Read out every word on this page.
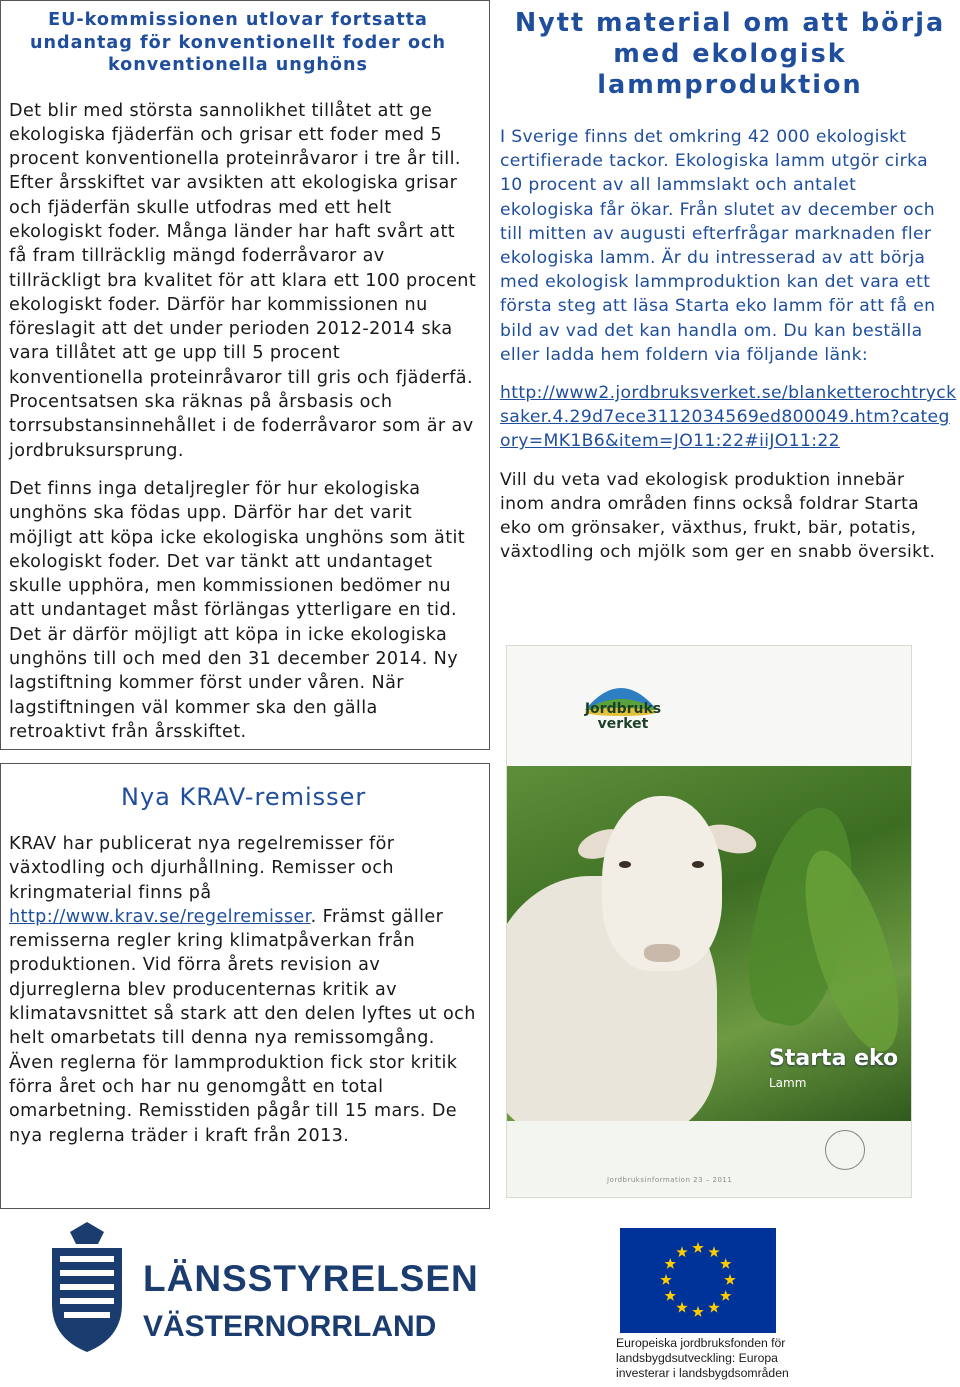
EU-kommissionen utlovar fortsatta undantag för konventionellt foder och konventionella unghöns

Det blir med största sannolikhet tillåtet att ge ekologiska fjäderfän och grisar ett foder med 5 procent konventionella proteinråvaror i tre år till. Efter årsskiftet var avsikten att ekologiska grisar och fjäderfän skulle utfodras med ett helt ekologiskt foder. Många länder har haft svårt att få fram tillräcklig mängd foderråvaror av tillräckligt bra kvalitet för att klara ett 100 procent ekologiskt foder. Därför har kommissionen nu föreslagit att det under perioden 2012-2014 ska vara tillåtet att ge upp till 5 procent konventionella proteinråvaror till gris och fjäderfä. Procentsatsen ska räknas på årsbasis och torrsubstansinnehållet i de foderråvaror som är av jordbruksursprung.

Det finns inga detaljregler för hur ekologiska unghöns ska födas upp. Därför har det varit möjligt att köpa icke ekologiska unghöns som ätit ekologiskt foder. Det var tänkt att undantaget skulle upphöra, men kommissionen bedömer nu att undantaget måst förlängas ytterligare en tid. Det är därför möjligt att köpa in icke ekologiska unghöns till och med den 31 december 2014. Ny lagstiftning kommer först under våren. När lagstiftningen väl kommer ska den gälla retroaktivt från årsskiftet.

Nytt material om att börja med ekologisk lammproduktion

I Sverige finns det omkring 42 000 ekologiskt certifierade tackor. Ekologiska lamm utgör cirka 10 procent av all lammslakt och antalet ekologiska får ökar. Från slutet av december och till mitten av augusti efterfrågar marknaden fler ekologiska lamm. Är du intresserad av att börja med ekologisk lammproduktion kan det vara ett första steg att läsa Starta eko lamm för att få en bild av vad det kan handla om. Du kan beställa eller ladda hem foldern via följande länk:

http://www2.jordbruksverket.se/blanketterochtrycksaker.4.29d7ece3112034569ed800049.htm?category=MK1B6&item=JO11:22#iiJO11:22

Vill du veta vad ekologisk produktion innebär inom andra områden finns också foldrar Starta eko om grönsaker, växthus, frukt, bär, potatis, växtodling och mjölk som ger en snabb översikt.

Jordbruks verket
Starta eko
Lamm
Jordbruksinformation 23 – 2011
Nya KRAV-remisser

KRAV har publicerat nya regelremisser för växtodling och djurhållning. Remisser och kringmaterial finns på http://www.krav.se/regelremisser. Främst gäller remisserna regler kring klimatpåverkan från produktionen. Vid förra årets revision av djurreglerna blev producenternas kritik av klimatavsnittet så stark att den delen lyftes ut och helt omarbetats till denna nya remissomgång. Även reglerna för lammproduktion fick stor kritik förra året och har nu genomgått en total omarbetning. Remisstiden pågår till 15 mars. De nya reglerna träder i kraft från 2013.

LÄNSSTYRELSEN
VÄSTERNORRLAND	Europeiska jordbruksfonden för landsbygdsutveckling: Europa investerar i landsbygdsområden
